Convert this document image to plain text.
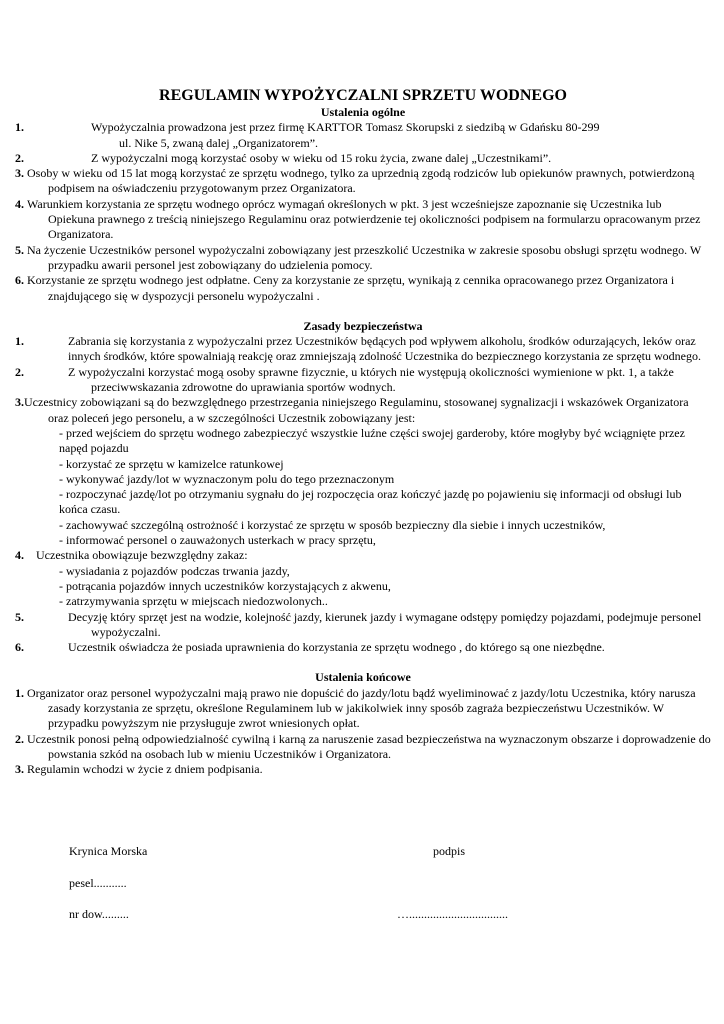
REGULAMIN WYPOŻYCZALNI SPRZETU WODNEGO
Ustalenia ogólne
1.	Wypożyczalnia prowadzona jest przez firmę KARTTOR Tomasz Skorupski z siedzibą w Gdańsku 80-299
ul. Nike 5, zwaną dalej „Organizatorem”.
2.	Z wypożyczalni mogą korzystać osoby w wieku od 15 roku życia, zwane dalej „Uczestnikami”.
3. Osoby w wieku od 15 lat mogą korzystać ze sprzętu wodnego, tylko za uprzednią zgodą rodziców lub opiekunów prawnych, potwierdzoną podpisem na oświadczeniu przygotowanym przez Organizatora.
4. Warunkiem korzystania ze sprzętu wodnego oprócz wymagań określonych w pkt. 3 jest wcześniejsze zapoznanie się Uczestnika lub Opiekuna prawnego z treścią niniejszego Regulaminu oraz potwierdzenie tej okoliczności podpisem na formularzu opracowanym przez Organizatora.
5. Na życzenie Uczestników personel wypożyczalni zobowiązany jest przeszkolić Uczestnika w zakresie sposobu obsługi sprzętu wodnego. W przypadku awarii personel jest zobowiązany do udzielenia pomocy.
6. Korzystanie ze sprzętu wodnego jest odpłatne. Ceny za korzystanie ze sprzętu, wynikają z cennika opracowanego przez Organizatora i znajdującego się w dyspozycji personelu wypożyczalni .
Zasady bezpieczeństwa
1.	Zabrania się korzystania z wypożyczalni przez Uczestników będących pod wpływem alkoholu, środków odurzających, leków oraz innych środków, które spowalniają reakcję oraz zmniejszają zdolność Uczestnika do bezpiecznego korzystania ze sprzętu wodnego.
2.	Z wypożyczalni korzystać mogą osoby sprawne fizycznie, u których nie występują okoliczności wymienione w pkt. 1, a także przeciwwskazania zdrowotne do uprawiania sportów wodnych.
3.Uczestnicy zobowiązani są do bezwzględnego przestrzegania niniejszego Regulaminu, stosowanej sygnalizacji i wskazówek Organizatora oraz poleceń jego personelu, a w szczególności Uczestnik zobowiązany jest:
- przed wejściem do sprzętu wodnego zabezpieczyć wszystkie luźne części swojej garderoby, które mogłyby być wciągnięte przez napęd pojazdu
- korzystać ze sprzętu w kamizelce ratunkowej
- wykonywać jazdy/lot w wyznaczonym polu do tego przeznaczonym
- rozpoczynać jazdę/lot po otrzymaniu sygnału do jej rozpoczęcia oraz kończyć jazdę po pojawieniu się informacji od obsługi lub końca czasu.
- zachowywać szczególną ostrożność i korzystać ze sprzętu w sposób bezpieczny dla siebie i innych uczestników,
- informować personel o zauważonych usterkach w pracy sprzętu,
4. Uczestnika obowiązuje bezwzględny zakaz:
- wysiadania z pojazdów podczas trwania jazdy,
- potrącania pojazdów innych uczestników korzystających z akwenu,
- zatrzymywania sprzętu w miejscach niedozwolonych..
5.	Decyzję który sprzęt jest na wodzie, kolejność jazdy, kierunek jazdy i wymagane odstępy pomiędzy pojazdami, podejmuje personel wypożyczalni.
6.	Uczestnik oświadcza że posiada uprawnienia do korzystania ze sprzętu wodnego , do którego są one niezbędne.
Ustalenia końcowe
1. Organizator oraz personel wypożyczalni mają prawo nie dopuścić do jazdy/lotu bądź wyeliminować z jazdy/lotu Uczestnika, który narusza zasady korzystania ze sprzętu, określone Regulaminem lub w jakikolwiek inny sposób zagraża bezpieczeństwu Uczestników. W przypadku powyższym nie przysługuje zwrot wniesionych opłat.
2. Uczestnik ponosi pełną odpowiedzialność cywilną i karną za naruszenie zasad bezpieczeństwa na wyznaczonym obszarze i doprowadzenie do powstania szkód na osobach lub w mieniu Uczestników i Organizatora.
3. Regulamin wchodzi w życie z dniem podpisania.
Krynica Morska	podpis
pesel...........
nr dow.........	….................................
